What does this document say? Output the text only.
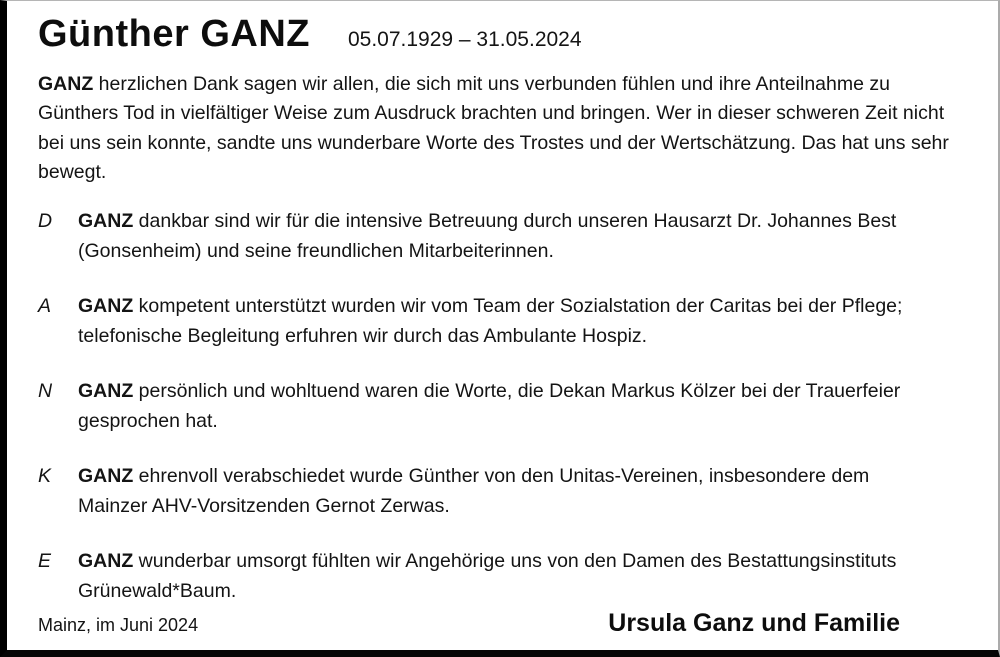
Günther GANZ 05.07.1929 – 31.05.2024

GANZ herzlichen Dank sagen wir allen, die sich mit uns verbunden fühlen und ihre Anteilnahme zu Günthers Tod in vielfältiger Weise zum Ausdruck brachten und bringen. Wer in dieser schweren Zeit nicht bei uns sein konnte, sandte uns wunderbare Worte des Trostes und der Wertschätzung. Das hat uns sehr bewegt.

D	GANZ dankbar sind wir für die intensive Betreuung durch unseren Hausarzt Dr. Johannes Best (Gonsenheim) und seine freundlichen Mitarbeiterinnen.

A	GANZ kompetent unterstützt wurden wir vom Team der Sozialstation der Caritas bei der Pflege; telefonische Begleitung erfuhren wir durch das Ambulante Hospiz.

N	GANZ persönlich und wohltuend waren die Worte, die Dekan Markus Kölzer bei der Trauerfeier gesprochen hat.

K	GANZ ehrenvoll verabschiedet wurde Günther von den Unitas-Vereinen, insbesondere dem Mainzer AHV-Vorsitzenden Gernot Zerwas.

E	GANZ wunderbar umsorgt fühlten wir Angehörige uns von den Damen des Bestattungsinstituts Grünewald*Baum.

Mainz, im Juni 2024	Ursula Ganz und Familie
